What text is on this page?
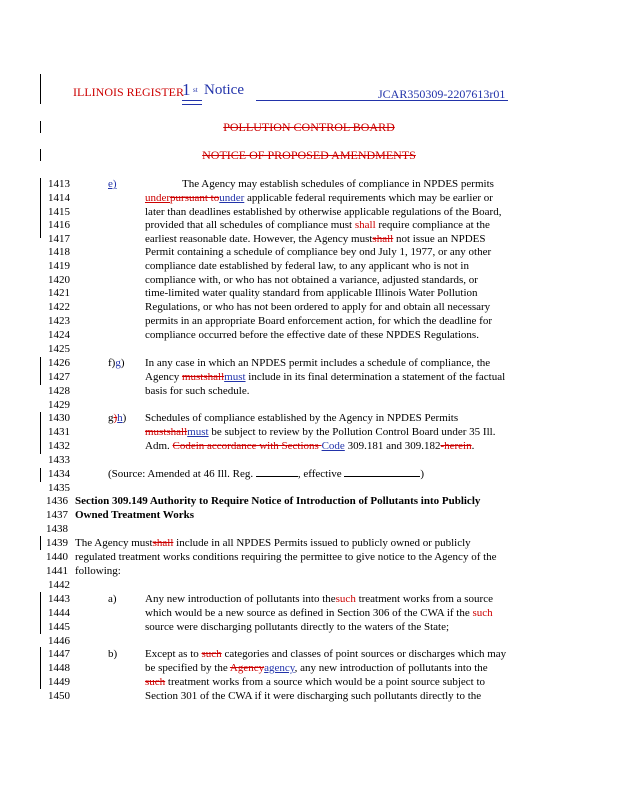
ILLINOIS REGISTER
1 st Notice	JCAR350309-2207613r01
POLLUTION CONTROL BOARD
NOTICE OF PROPOSED AMENDMENTS
1413
1414
1415
1416
1417
1418
1419
1420
1421
1422
1423
1424
1425
1426
1427
1428
1429
1430
1431
1432
1433
1434
1435
1436
1437
1438
1439
1440
1441
1442
1443
1444
1445
1446
1447
1448
1449
1450
e)	The Agency may establish schedules of compliance in NPDES permits
underpursuant tounder applicable federal requirements which may be earlier or
later than deadlines established by otherwise applicable regulations of the Board,
provided that all schedules of compliance must shall require compliance at the
earliest reasonable date. However, the Agency mustshall not issue an NPDES
Permit containing a schedule of compliance bey ond July 1, 1977, or any other
compliance date established by federal law, to any applicant who is not in
compliance with, or who has not obtained a variance, adjusted standards, or
time-limited water quality standard from applicable Illinois Water Pollution
Regulations, or who has not been ordered to apply for and obtain all necessary
permits in an appropriate Board enforcement action, for which the deadline for
compliance occurred before the effective date of these NPDES Regulations.
f)g) In any case in which an NPDES permit includes a schedule of compliance, the
Agency mustshallmust include in its final determination a statement of the factual
basis for such schedule.
g)h) Schedules of compliance established by the Agency in NPDES Permits
mustshallmust be subject to review by the Pollution Control Board under 35 Ill.
Adm. Codein accordance with Sections Code 309.181 and 309.182-herein.
(Source: Amended at 46 Ill. Reg.	, effective	)
Section 309.149 Authority to Require Notice of Introduction of Pollutants into Publicly
Owned Treatment Works
The Agency mustshall include in all NPDES Permits issued to publicly owned or publicly
regulated treatment works conditions requiring the permittee to give notice to the Agency of the
following:
a)	Any new introduction of pollutants into thesuch treatment works from a source
which would be a new source as defined in Section 306 of the CWA if the such
source were discharging pollutants directly to the waters of the State;
b)	Except as to such categories and classes of point sources or discharges which may
be specified by the Agencyagency, any new introduction of pollutants into the
such treatment works from a source which would be a point source subject to
Section 301 of the CWA if it were discharging such pollutants directly to the
